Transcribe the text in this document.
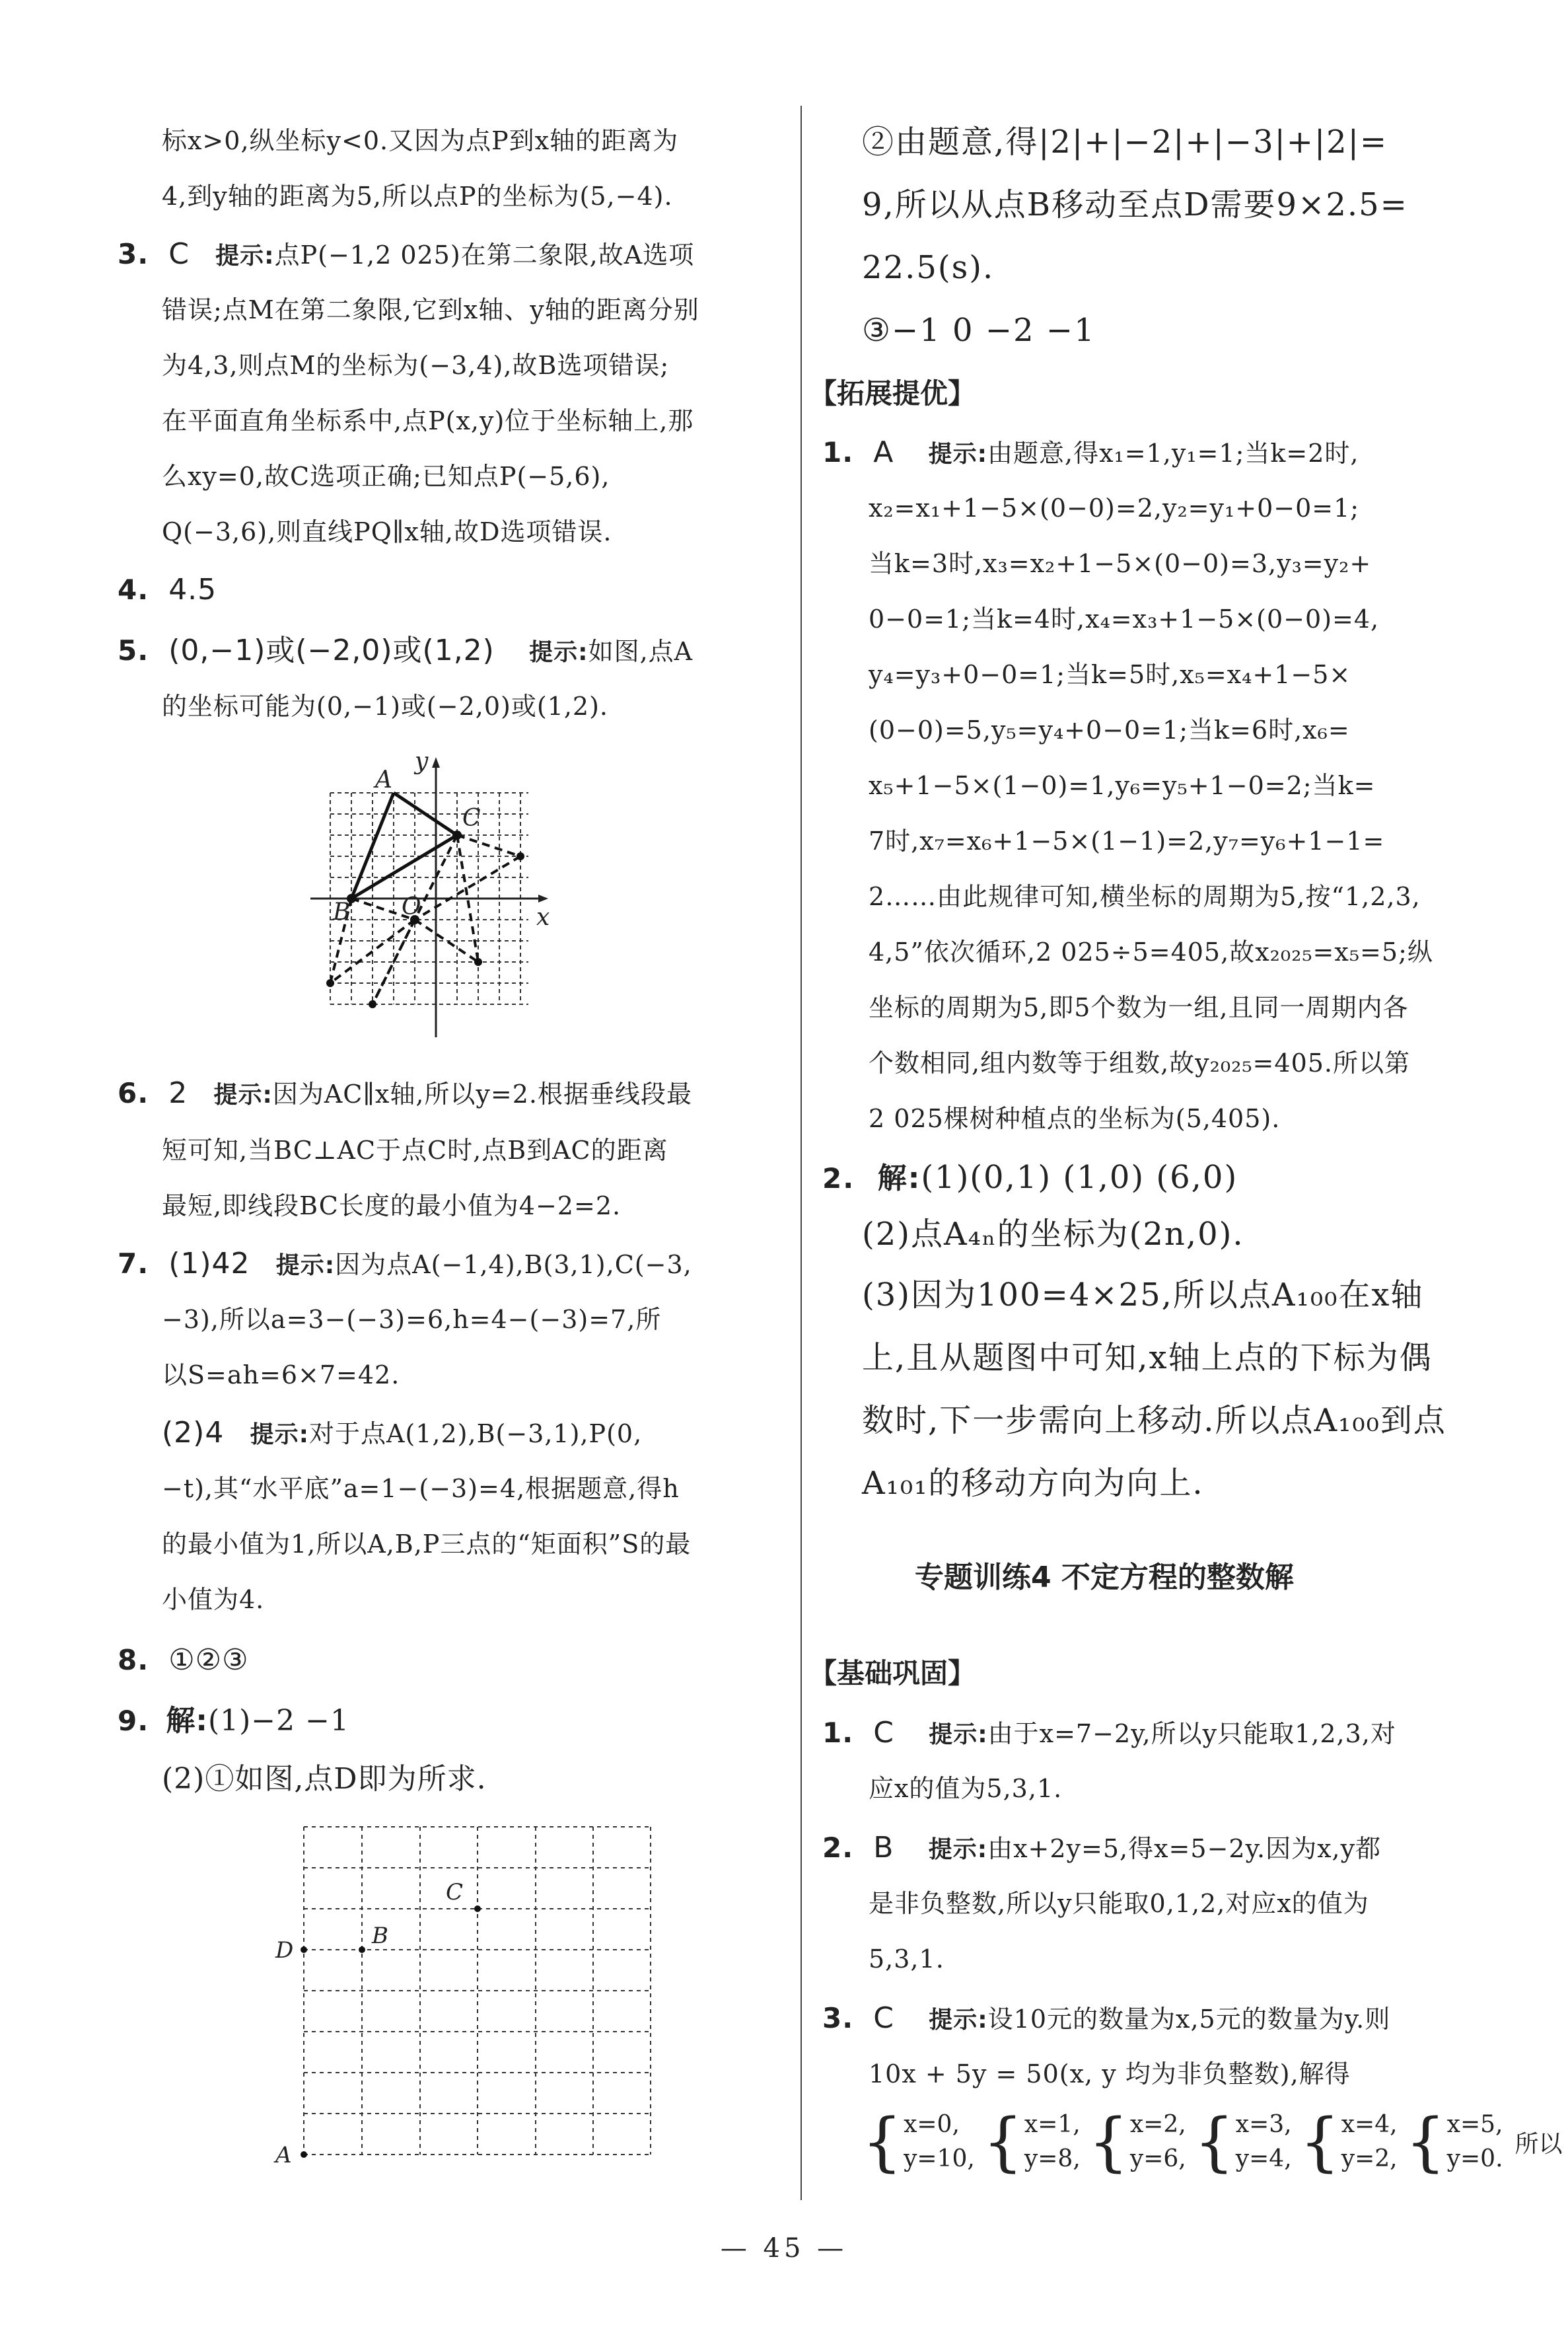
标x>0,纵坐标y<0.又因为点P到x轴的距离为
4,到y轴的距离为5,所以点P的坐标为(5,−4).
3. C 提示:点P(−1,2 025)在第二象限,故A选项
错误;点M在第二象限,它到x轴、y轴的距离分别
为4,3,则点M的坐标为(−3,4),故B选项错误;
在平面直角坐标系中,点P(x,y)位于坐标轴上,那
么xy=0,故C选项正确;已知点P(−5,6),
Q(−3,6),则直线PQ∥x轴,故D选项错误.
4. 4.5
5. (0,−1)或(−2,0)或(1,2) 提示:如图,点A
的坐标可能为(0,−1)或(−2,0)或(1,2).
y
x
A
C
B O
6. 2 提示:因为AC∥x轴,所以y=2.根据垂线段最
短可知,当BC⊥AC于点C时,点B到AC的距离
最短,即线段BC长度的最小值为4−2=2.
7. (1)42 提示:因为点A(−1,4),B(3,1),C(−3,
−3),所以a=3−(−3)=6,h=4−(−3)=7,所
以S=ah=6×7=42.
(2)4 提示:对于点A(1,2),B(−3,1),P(0,
−t),其“水平底”a=1−(−3)=4,根据题意,得h
的最小值为1,所以A,B,P三点的“矩面积”S的最
小值为4.
8. ①②③
9. 解:(1)−2 −1
(2)①如图,点D即为所求.
C
D
B
A
②由题意,得|2|+|−2|+|−3|+|2|=
9,所以从点B移动至点D需要9×2.5=
22.5(s).
③−1 0 −2 −1
【拓展提优】
1. A 提示:由题意,得x₁=1,y₁=1;当k=2时,
x₂=x₁+1−5×(0−0)=2,y₂=y₁+0−0=1;
当k=3时,x₃=x₂+1−5×(0−0)=3,y₃=y₂+
0−0=1;当k=4时,x₄=x₃+1−5×(0−0)=4,
y₄=y₃+0−0=1;当k=5时,x₅=x₄+1−5×
(0−0)=5,y₅=y₄+0−0=1;当k=6时,x₆=
x₅+1−5×(1−0)=1,y₆=y₅+1−0=2;当k=
7时,x₇=x₆+1−5×(1−1)=2,y₇=y₆+1−1=
2……由此规律可知,横坐标的周期为5,按“1,2,3,
4,5”依次循环,2 025÷5=405,故x₂₀₂₅=x₅=5;纵
坐标的周期为5,即5个数为一组,且同一周期内各
个数相同,组内数等于组数,故y₂₀₂₅=405.所以第
2 025棵树种植点的坐标为(5,405).
2. 解:(1)(0,1) (1,0) (6,0)
(2)点A₄ₙ的坐标为(2n,0).
(3)因为100=4×25,所以点A₁₀₀在x轴
上,且从题图中可知,x轴上点的下标为偶
数时,下一步需向上移动.所以点A₁₀₀到点
A₁₀₁的移动方向为向上.
专题训练4 不定方程的整数解
【基础巩固】
1. C 提示:由于x=7−2y,所以y只能取1,2,3,对
应x的值为5,3,1.
2. B 提示:由x+2y=5,得x=5−2y.因为x,y都
是非负整数,所以y只能取0,1,2,对应x的值为
5,3,1.
3. C 提示:设10元的数量为x,5元的数量为y.则
10x + 5y = 50(x, y 均为非负整数),解得
{ x=0,
y=10, { x=1,
y=8, { x=2,
y=6, { x=3,
y=4, { x=4,
y=2, { x=5,
y=0.
所以
— 45 —
